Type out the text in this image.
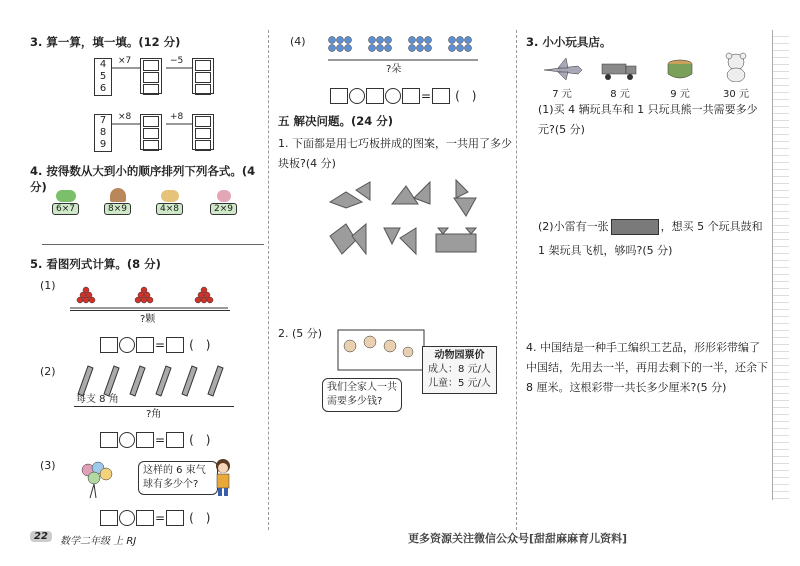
3. 算一算，填一填。(12 分)
4
5
6
×7	−5
7
8
9
×8	+8
4. 按得数从大到小的顺序排列下列各式。(4 分)
6×7	8×9	4×8	2×9
5. 看图列式计算。(8 分)
(1)
?颗
= ()
(2)
每支 8 角
?角
= ()
(3)	这样的 6 束气球有多少个?
= ()
(4)
?朵
= ()
五 解决问题。(24 分)
1. 下面都是用七巧板拼成的图案，一共用了多少块板?(4 分)
2. (5 分)
我们全家人一共需要多少钱?
动物园票价
成人：8 元/人
儿童：5 元/人
3. 小小玩具店。
7 元	8 元	9 元	30 元
(1)买 4 辆玩具车和 1 只玩具熊一共需要多少元?(5 分)
(2)小雷有一张	，想买 5 个玩具鼓和 1 架玩具飞机，够吗?(5 分)
4. 中国结是一种手工编织工艺品，形形彩带编了中国结，先用去一半，再用去剩下的一半，还余下 8 厘米。这根彩带一共长多少厘米?(5 分)
22	数学二年级 上 RJ	更多资源关注微信公众号[甜甜麻麻育儿资料]
